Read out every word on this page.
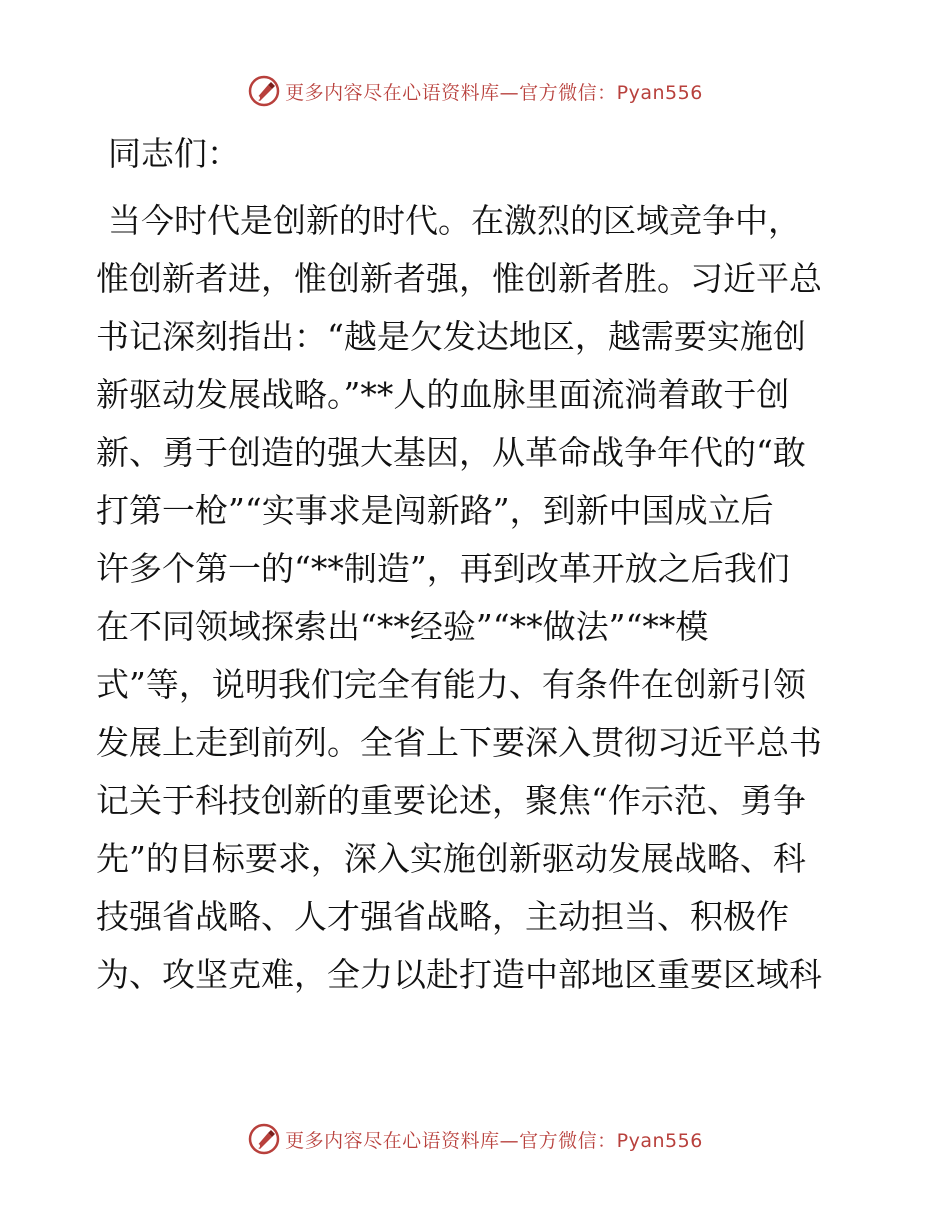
更多内容尽在心语资料库—官方微信：Pyan556

同志们：

当今时代是创新的时代。在激烈的区域竞争中，
惟创新者进，惟创新者强，惟创新者胜。习近平总
书记深刻指出：“越是欠发达地区，越需要实施创
新驱动发展战略。”**人的血脉里面流淌着敢于创
新、勇于创造的强大基因，从革命战争年代的“敢
打第一枪”“实事求是闯新路”，到新中国成立后
许多个第一的“**制造”，再到改革开放之后我们
在不同领域探索出“**经验”“**做法”“**模
式”等，说明我们完全有能力、有条件在创新引领
发展上走到前列。全省上下要深入贯彻习近平总书
记关于科技创新的重要论述，聚焦“作示范、勇争
先”的目标要求，深入实施创新驱动发展战略、科
技强省战略、人才强省战略，主动担当、积极作
为、攻坚克难，全力以赴打造中部地区重要区域科
更多内容尽在心语资料库—官方微信：Pyan556
